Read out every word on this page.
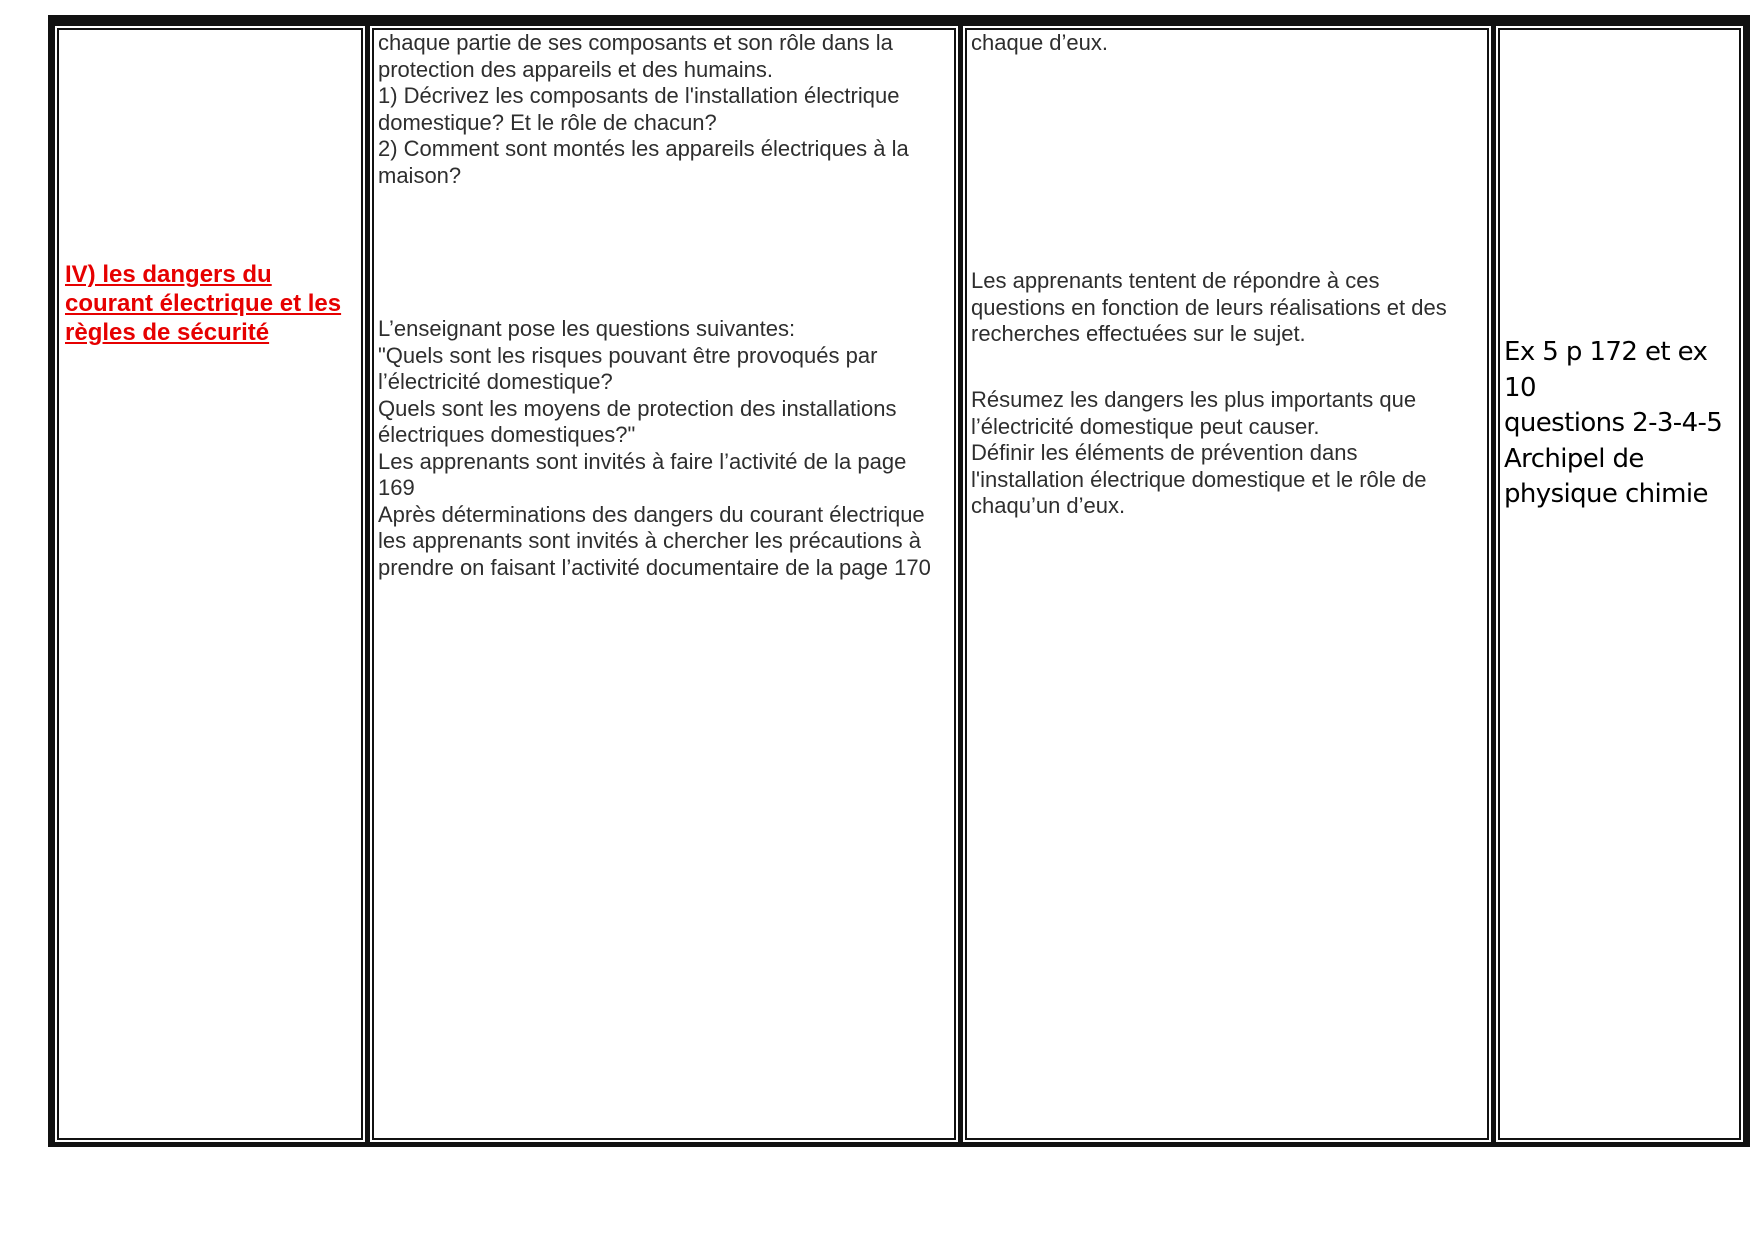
IV) les dangers du courant électrique et les règles de sécurité
chaque partie de ses composants et son rôle dans la
protection des appareils et des humains.
1) Décrivez les composants de l'installation électrique
domestique? Et le rôle de chacun?
2) Comment sont montés les appareils électriques à la
maison?
L’enseignant pose les questions suivantes:
"Quels sont les risques pouvant être provoqués par
l’électricité domestique?
Quels sont les moyens de protection des installations
électriques domestiques?"
Les apprenants sont invités à faire l’activité de la page
169
Après déterminations des dangers du courant électrique
les apprenants sont invités à chercher les précautions à
prendre on faisant l’activité documentaire de la page 170
chaque d’eux.
Les apprenants tentent de répondre à ces
questions en fonction de leurs réalisations et des
recherches effectuées sur le sujet.
Résumez les dangers les plus importants que
l’électricité domestique peut causer.
Définir les éléments de prévention dans
l'installation électrique domestique et le rôle de
chaqu’un d’eux.
Ex 5 p 172 et ex 10
questions 2-3-4-5
Archipel de
physique chimie
